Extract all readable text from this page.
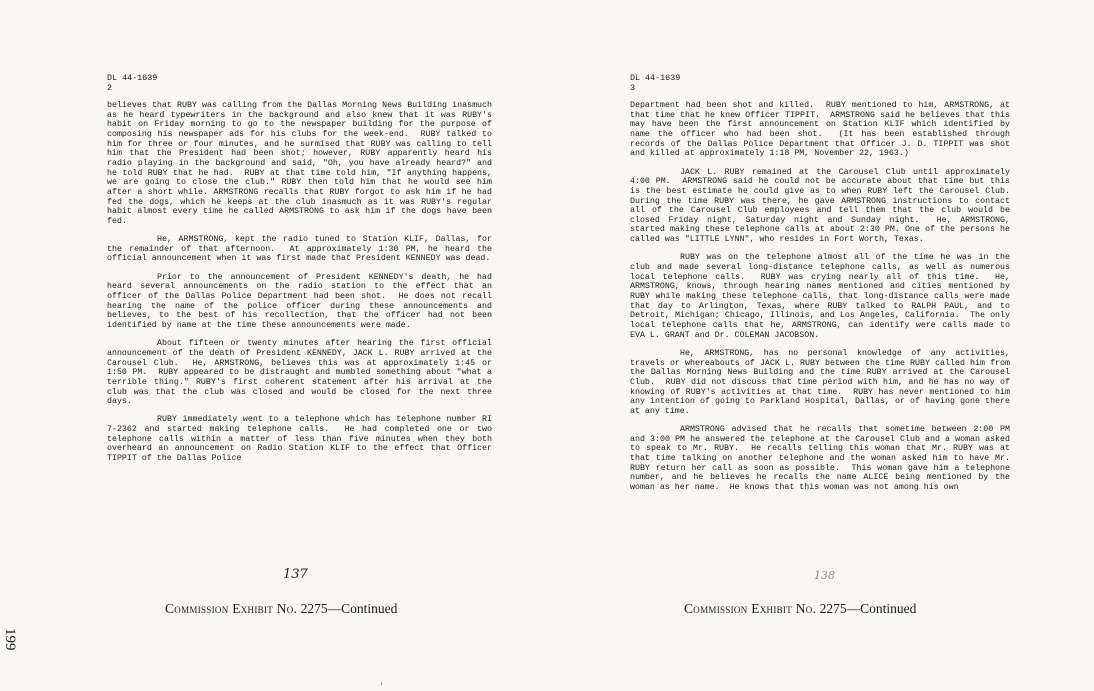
DL 44-1639
2

believes that RUBY was calling from the Dallas Morning News Building inasmuch as he heard typewriters in the background and also knew that it was RUBY's habit on Friday morning to go to the newspaper building for the purpose of composing his newspaper ads for his clubs for the week-end.  RUBY talked to him for three or four minutes, and he surmised that RUBY was calling to tell him that the President had been shot; however, RUBY apparently heard his radio playing in the background and said, "Oh, you have already heard?" and he told RUBY that he had.  RUBY at that time told him, "If anything happens, we are going to close the club." RUBY then told him that he would see him after a short while. ARMSTRONG recalls that RUBY forgot to ask him if he had fed the dogs, which he keeps at the club inasmuch as it was RUBY's regular habit almost every time he called ARMSTRONG to ask him if the dogs have been fed.

He, ARMSTRONG, kept the radio tuned to Station KLIF, Dallas, for the remainder of that afternoon.  At approximately 1:30 PM, he heard the official announcement when it was first made that President KENNEDY was dead.

Prior to the announcement of President KENNEDY's death, he had heard several announcements on the radio station to the effect that an officer of the Dallas Police Department had been shot.  He does not recall hearing the name of the police officer during these announcements and believes, to the best of his recollection, that the officer had not been identified by name at the time these announcements were made.

About fifteen or twenty minutes after hearing the first official announcement of the death of President KENNEDY, JACK L. RUBY arrived at the Carousel Club.  He, ARMSTRONG, believes this was at approximately 1:45 or 1:50 PM.  RUBY appeared to be distraught and mumbled something about "what a terrible thing." RUBY's first coherent statement after his arrival at the club was that the club was closed and would be closed for the next three days.

RUBY immediately went to a telephone which has telephone number RI 7-2362 and started making telephone calls.  He had completed one or two telephone calls within a matter of less than five minutes when they both overheard an announcement on Radio Station KLIF to the effect that Officer TIPPIT of the Dallas Police

137
Commission Exhibit No. 2275—Continued
DL 44-1639
3

Department had been shot and killed.  RUBY mentioned to him, ARMSTRONG, at that time that he knew Officer TIPPIT.  ARMSTRONG said he believes that this may have been the first announcement on Station KLIF which identified by name the officer who had been shot.  (It has been established through records of the Dallas Police Department that Officer J. D. TIPPIT was shot and killed at approximately 1:18 PM, November 22, 1963.)

JACK L. RUBY remained at the Carousel Club until approximately 4:00 PM.  ARMSTRONG said he could not be accurate about that time but this is the best estimate he could give as to when RUBY left the Carousel Club.  During the time RUBY was there, he gave ARMSTRONG instructions to contact all of the Carousel Club employees and tell them that the club would be closed Friday night, Saturday night and Sunday night.  He, ARMSTRONG, started making these telephone calls at about 2:30 PM. One of the persons he called was "LITTLE LYNN", who resides in Fort Worth, Texas.

RUBY was on the telephone almost all of the time he was in the club and made several long-distance telephone calls, as well as numerous local telephone calls.  RUBY was crying nearly all of this time.  He, ARMSTRONG, knows, through hearing names mentioned and cities mentioned by RUBY while making these telephone calls, that long-distance calls were made that day to Arlington, Texas, where RUBY talked to RALPH PAUL, and to Detroit, Michigan; Chicago, Illinois, and Los Angeles, California.  The only local telephone calls that he, ARMSTRONG, can identify were calls made to EVA L. GRANT and Dr. COLEMAN JACOBSON.

He, ARMSTRONG, has no personal knowledge of any activities, travels or whereabouts of JACK L. RUBY between the time RUBY called him from the Dallas Morning News Building and the time RUBY arrived at the Carousel Club.  RUBY did not discuss that time period with him, and he has no way of knowing of RUBY's activities at that time.  RUBY has never mentioned to him any intention of going to Parkland Hospital, Dallas, or of having gone there at any time.

ARMSTRONG advised that he recalls that sometime between 2:00 PM and 3:00 PM he answered the telephone at the Carousel Club and a woman asked to speak to Mr. RUBY.  He recalls telling this woman that Mr. RUBY was at that time talking on another telephone and the woman asked him to have Mr. RUBY return her call as soon as possible.  This woman gave him a telephone number, and he believes he recalls the name ALICE being mentioned by the woman as her name.  He knows that this woman was not among his own

138
Commission Exhibit No. 2275—Continued
199
